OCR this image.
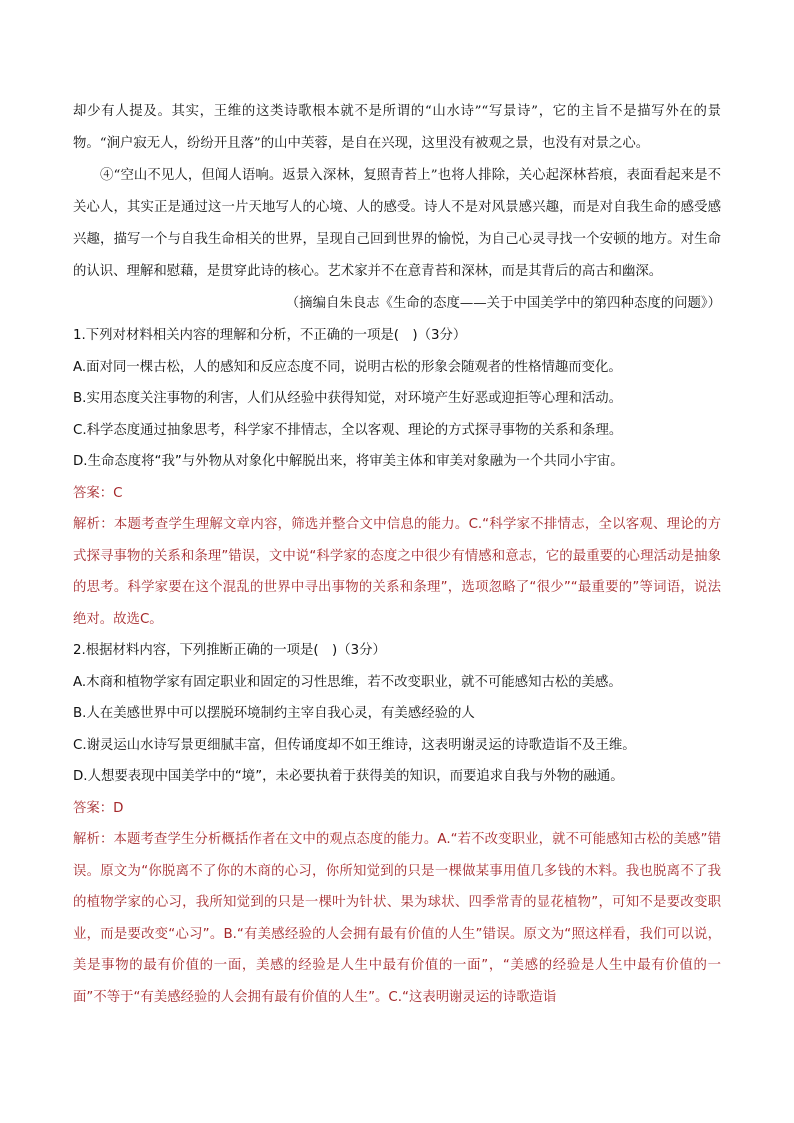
却少有人提及。其实，王维的这类诗歌根本就不是所谓的“山水诗”“写景诗”，它的主旨不是描写外在的景物。“涧户寂无人，纷纷开且落”的山中芙蓉，是自在兴现，这里没有被观之景，也没有对景之心。

④“空山不见人，但闻人语响。返景入深林，复照青苔上”也将人排除，关心起深林苔痕，表面看起来是不关心人，其实正是通过这一片天地写人的心境、人的感受。诗人不是对风景感兴趣，而是对自我生命的感受感兴趣，描写一个与自我生命相关的世界，呈现自己回到世界的愉悦，为自己心灵寻找一个安顿的地方。对生命的认识、理解和慰藉，是贯穿此诗的核心。艺术家并不在意青苔和深林，而是其背后的高古和幽深。

（摘编自朱良志《生命的态度——关于中国美学中的第四种态度的问题》）

1.下列对材料相关内容的理解和分析，不正确的一项是(　)（3分）

A.面对同一棵古松，人的感知和反应态度不同，说明古松的形象会随观者的性格情趣而变化。

B.实用态度关注事物的利害，人们从经验中获得知觉，对环境产生好恶或迎拒等心理和活动。

C.科学态度通过抽象思考，科学家不排情志，全以客观、理论的方式探寻事物的关系和条理。

D.生命态度将“我”与外物从对象化中解脱出来，将审美主体和审美对象融为一个共同小宇宙。

答案：C

解析：本题考查学生理解文章内容，筛选并整合文中信息的能力。C.“科学家不排情志，全以客观、理论的方式探寻事物的关系和条理”错误，文中说“科学家的态度之中很少有情感和意志，它的最重要的心理活动是抽象的思考。科学家要在这个混乱的世界中寻出事物的关系和条理”，选项忽略了“很少”“最重要的”等词语，说法绝对。故选C。

2.根据材料内容，下列推断正确的一项是(　)（3分）

A.木商和植物学家有固定职业和固定的习性思维，若不改变职业，就不可能感知古松的美感。

B.人在美感世界中可以摆脱环境制约主宰自我心灵，有美感经验的人

C.谢灵运山水诗写景更细腻丰富，但传诵度却不如王维诗，这表明谢灵运的诗歌造诣不及王维。

D.人想要表现中国美学中的“境”，未必要执着于获得美的知识，而要追求自我与外物的融通。

答案：D

解析：本题考查学生分析概括作者在文中的观点态度的能力。A.“若不改变职业，就不可能感知古松的美感”错误。原文为“你脱离不了你的木商的心习，你所知觉到的只是一棵做某事用值几多钱的木料。我也脱离不了我的植物学家的心习，我所知觉到的只是一棵叶为针状、果为球状、四季常青的显花植物”，可知不是要改变职业，而是要改变“心习”。B.“有美感经验的人会拥有最有价值的人生”错误。原文为“照这样看，我们可以说，美是事物的最有价值的一面，美感的经验是人生中最有价值的一面”，“美感的经验是人生中最有价值的一面”不等于“有美感经验的人会拥有最有价值的人生”。C.“这表明谢灵运的诗歌造诣
